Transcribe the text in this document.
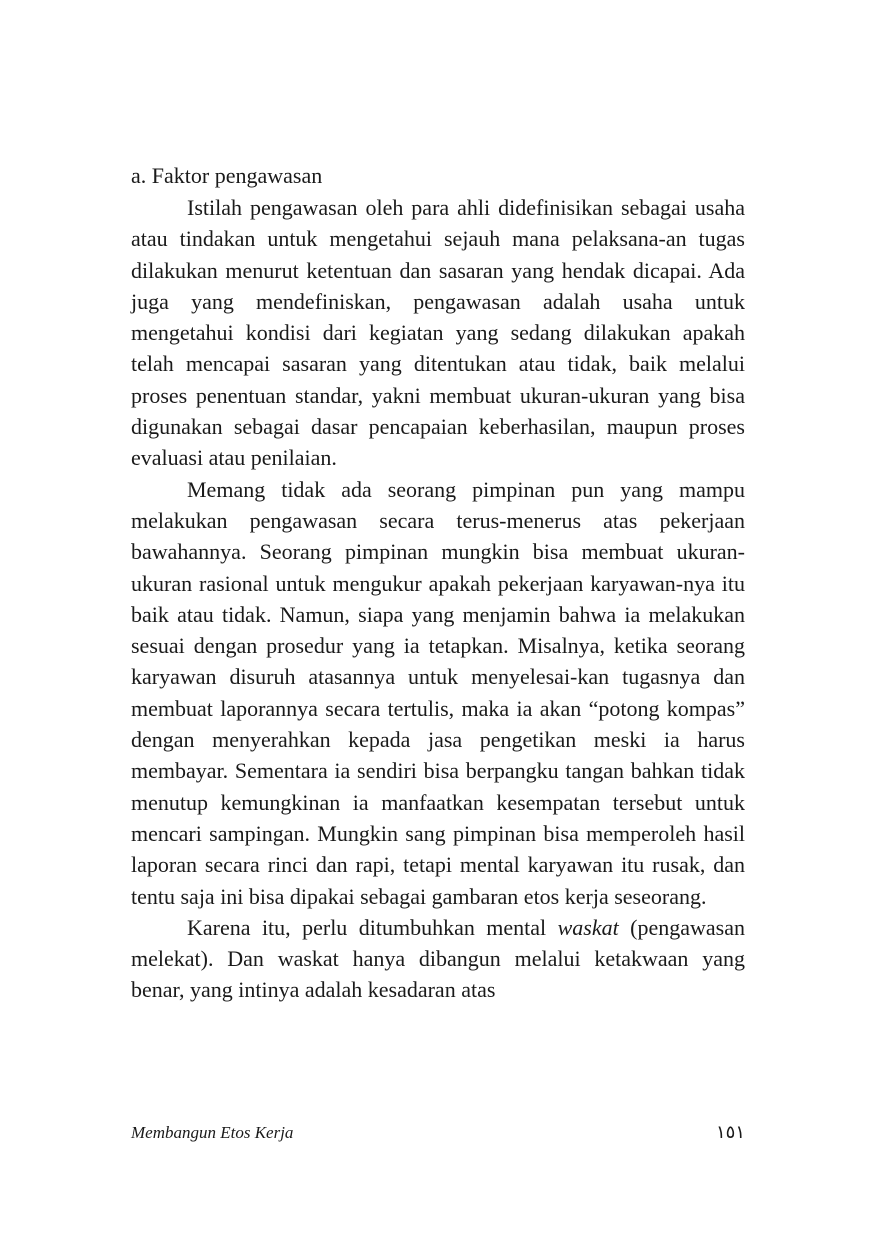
a. Faktor pengawasan

Istilah pengawasan oleh para ahli didefinisikan sebagai usaha atau tindakan untuk mengetahui sejauh mana pelaksana-an tugas dilakukan menurut ketentuan dan sasaran yang hendak dicapai. Ada juga yang mendefiniskan, pengawasan adalah usaha untuk mengetahui kondisi dari kegiatan yang sedang dilakukan apakah telah mencapai sasaran yang ditentukan atau tidak, baik melalui proses penentuan standar, yakni membuat ukuran-ukuran yang bisa digunakan sebagai dasar pencapaian keberhasilan, maupun proses evaluasi atau penilaian.

Memang tidak ada seorang pimpinan pun yang mampu melakukan pengawasan secara terus-menerus atas pekerjaan bawahannya. Seorang pimpinan mungkin bisa membuat ukuran-ukuran rasional untuk mengukur apakah pekerjaan karyawan-nya itu baik atau tidak. Namun, siapa yang menjamin bahwa ia melakukan sesuai dengan prosedur yang ia tetapkan. Misalnya, ketika seorang karyawan disuruh atasannya untuk menyelesai-kan tugasnya dan membuat laporannya secara tertulis, maka ia akan “potong kompas” dengan menyerahkan kepada jasa pengetikan meski ia harus membayar. Sementara ia sendiri bisa berpangku tangan bahkan tidak menutup kemungkinan ia manfaatkan kesempatan tersebut untuk mencari sampingan. Mungkin sang pimpinan bisa memperoleh hasil laporan secara rinci dan rapi, tetapi mental karyawan itu rusak, dan tentu saja ini bisa dipakai sebagai gambaran etos kerja seseorang.

Karena itu, perlu ditumbuhkan mental waskat (pengawasan melekat). Dan waskat hanya dibangun melalui ketakwaan yang benar, yang intinya adalah kesadaran atas

Membangun Etos Kerja	١٥١
